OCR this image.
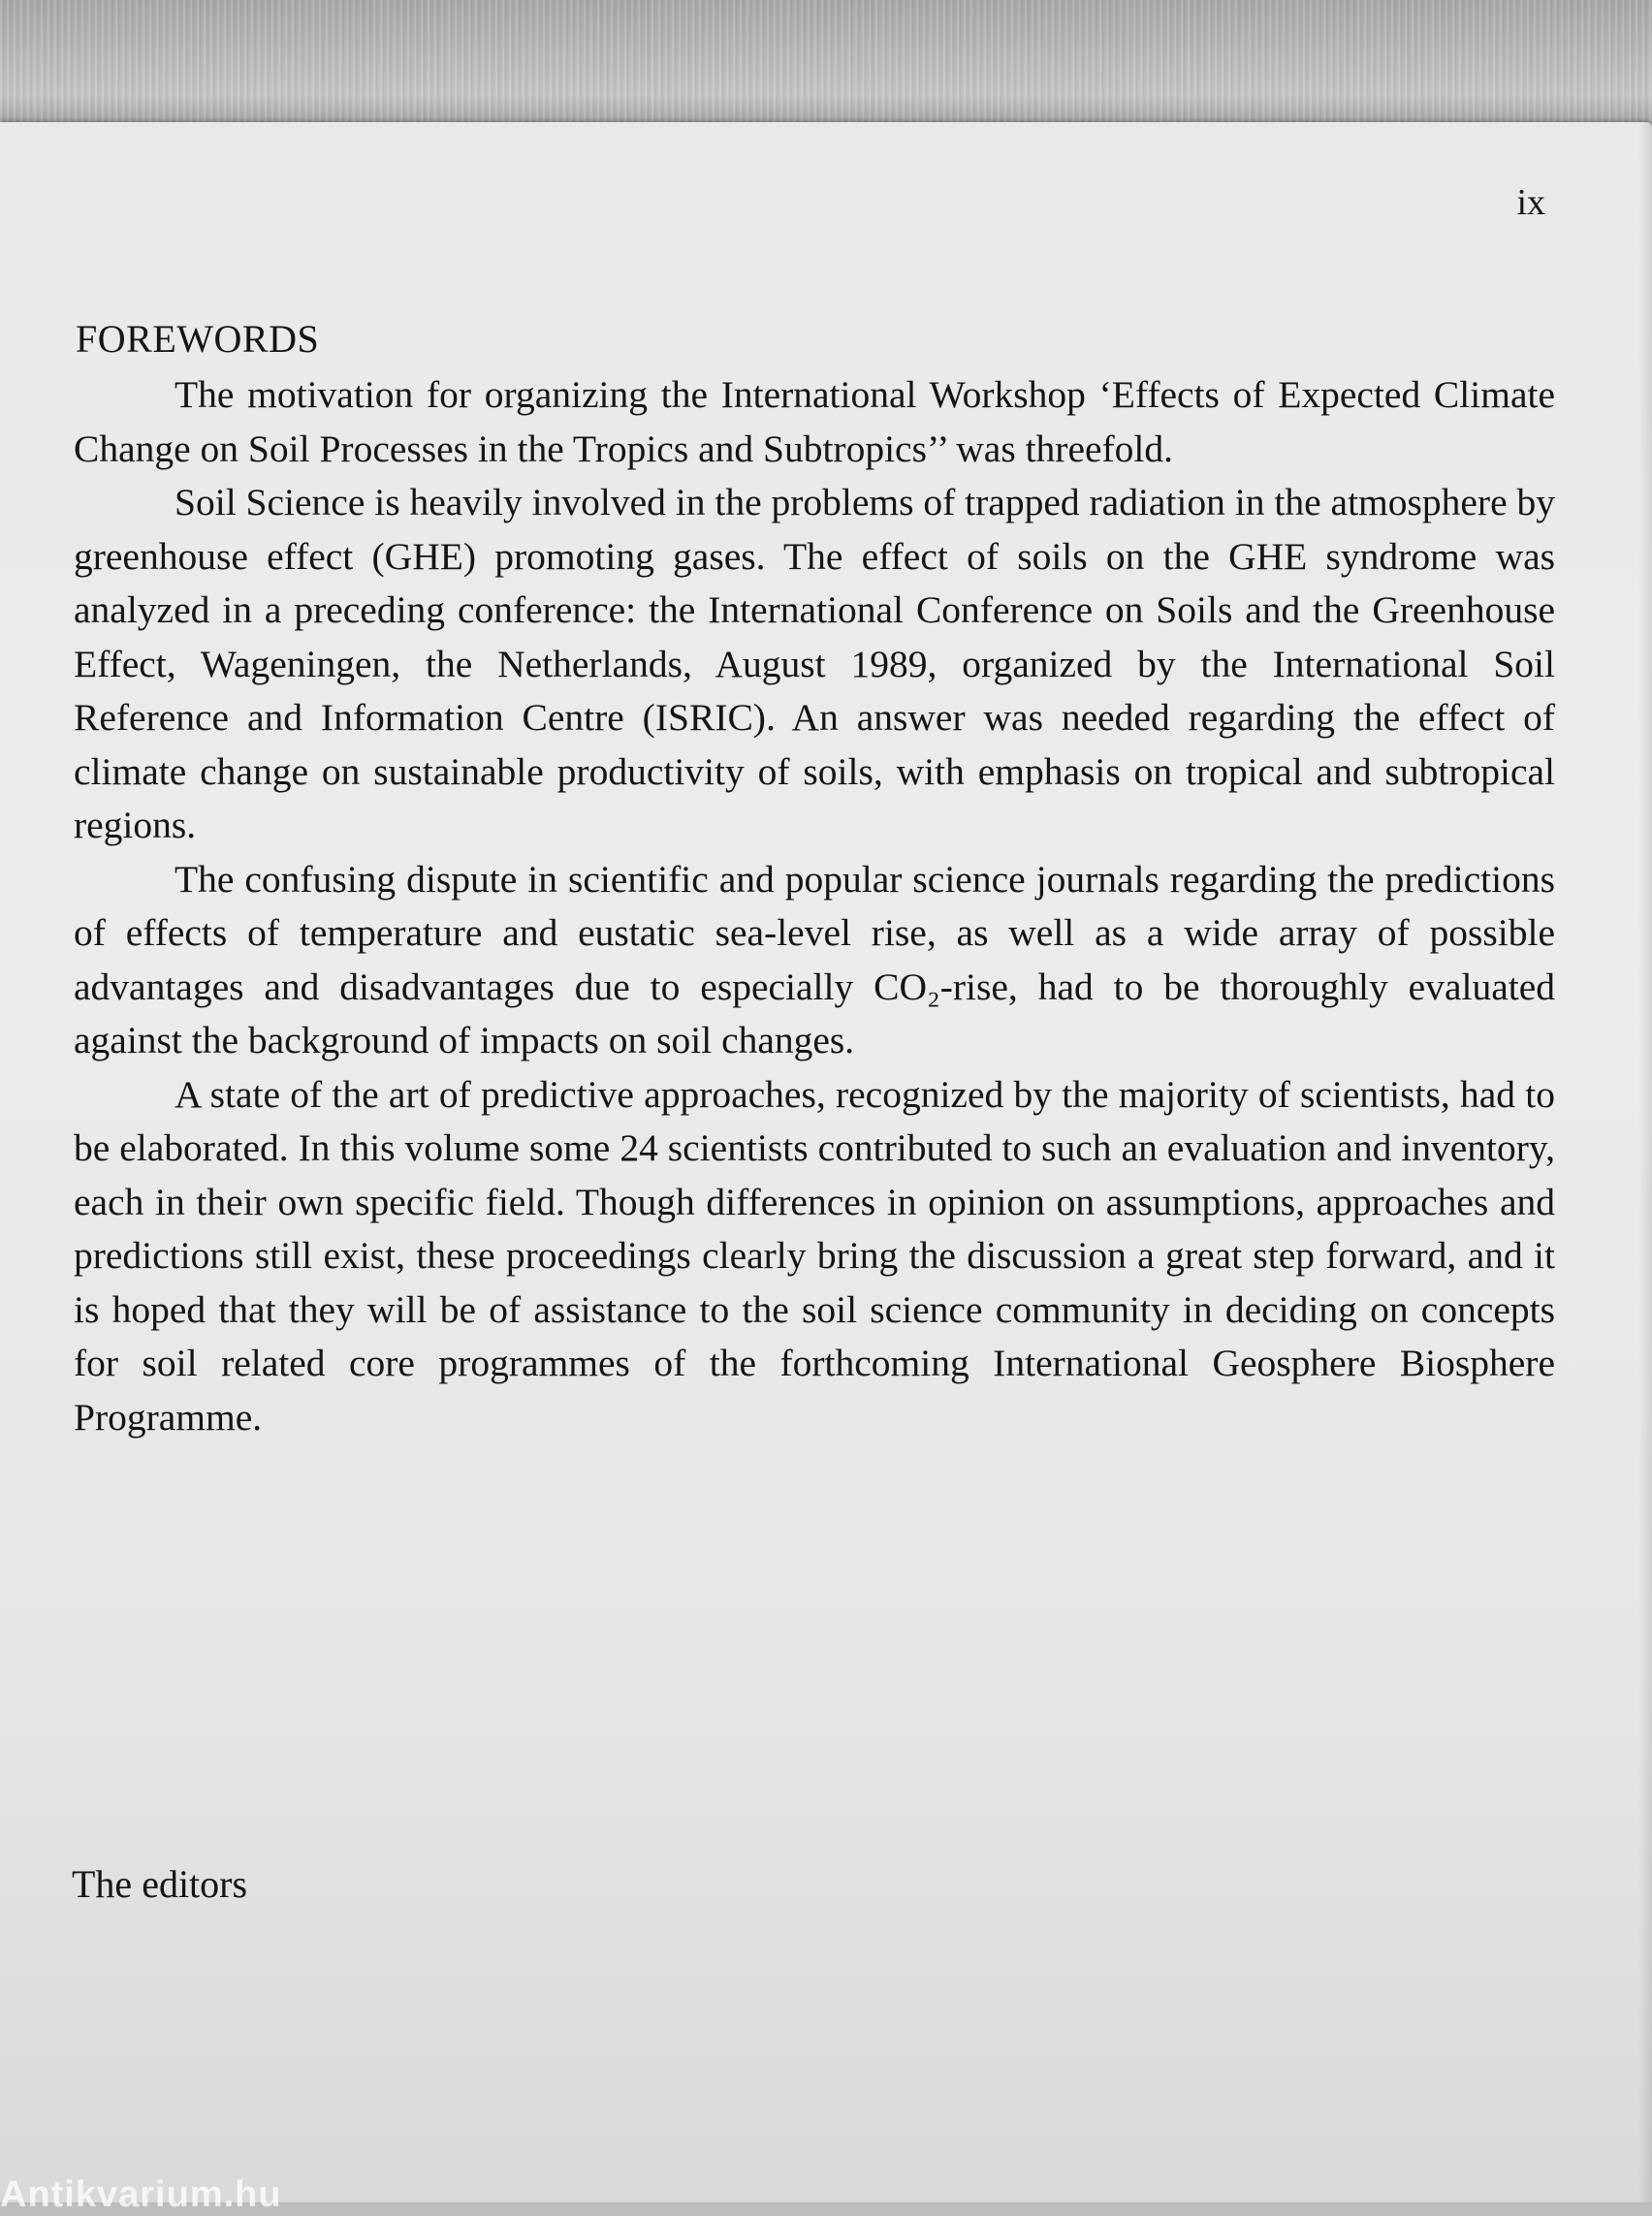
ix
FOREWORDS

The motivation for organizing the International Workshop ‘Effects of Expected Climate Change on Soil Processes in the Tropics and Subtropics’’ was threefold.

Soil Science is heavily involved in the problems of trapped radiation in the atmosphere by greenhouse effect (GHE) promoting gases. The effect of soils on the GHE syndrome was analyzed in a preceding conference: the International Conference on Soils and the Greenhouse Effect, Wageningen, the Netherlands, August 1989, organized by the International Soil Reference and Information Centre (ISRIC). An answer was needed regarding the effect of climate change on sustainable productivity of soils, with emphasis on tropical and subtropical regions.

The confusing dispute in scientific and popular science journals regarding the predictions of effects of temperature and eustatic sea-level rise, as well as a wide array of possible advantages and disadvantages due to especially CO₂-rise, had to be thoroughly evaluated against the background of impacts on soil changes.

A state of the art of predictive approaches, recognized by the majority of scientists, had to be elaborated. In this volume some 24 scientists contributed to such an evaluation and inventory, each in their own specific field. Though differences in opinion on assumptions, approaches and predictions still exist, these proceedings clearly bring the discussion a great step forward, and it is hoped that they will be of assistance to the soil science community in deciding on concepts for soil related core programmes of the forthcoming International Geosphere Biosphere Programme.

The editors
Antikvarium.hu
